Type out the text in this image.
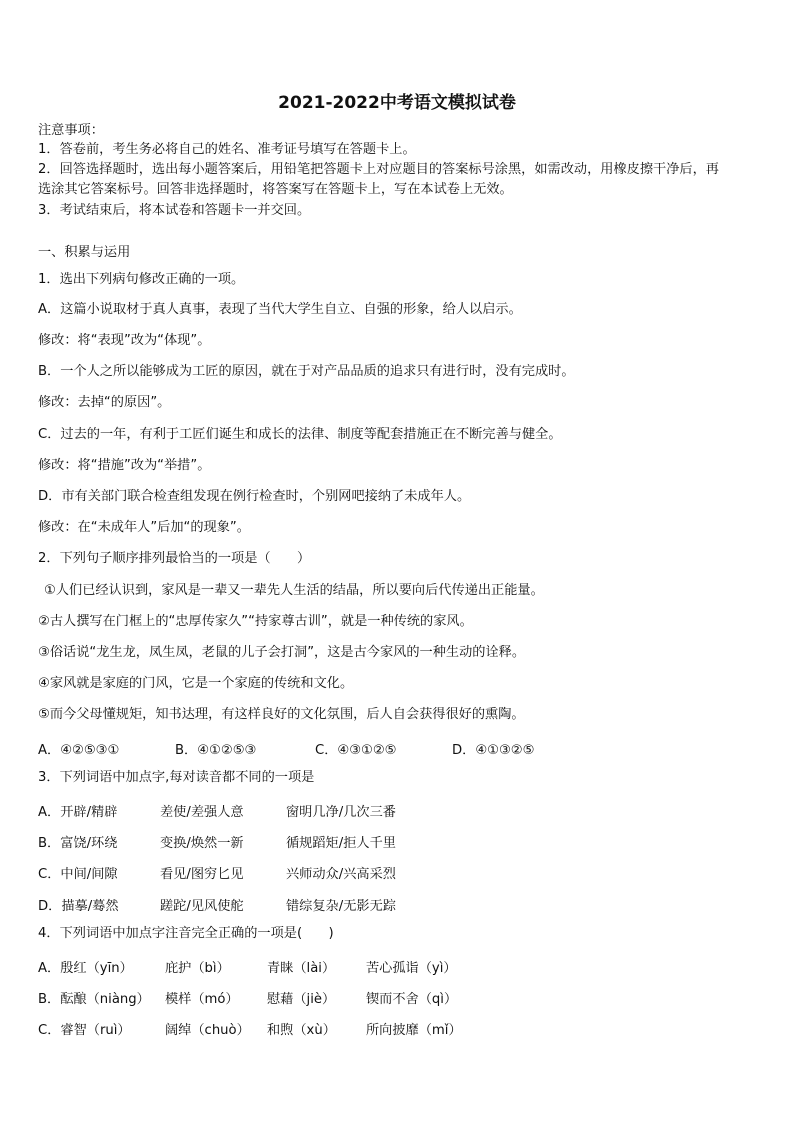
2021-2022中考语文模拟试卷
注意事项：
1．答卷前，考生务必将自己的姓名、准考证号填写在答题卡上。
2．回答选择题时，选出每小题答案后，用铅笔把答题卡上对应题目的答案标号涂黑，如需改动，用橡皮擦干净后，再
选涂其它答案标号。回答非选择题时，将答案写在答题卡上，写在本试卷上无效。
3．考试结束后，将本试卷和答题卡一并交回。
一、积累与运用
1．选出下列病句修改正确的一项。
A．这篇小说取材于真人真事，表现了当代大学生自立、自强的形象，给人以启示。
修改：将“表现”改为“体现”。
B．一个人之所以能够成为工匠的原因，就在于对产品品质的追求只有进行时，没有完成时。
修改：去掉“的原因”。
C．过去的一年，有利于工匠们诞生和成长的法律、制度等配套措施正在不断完善与健全。
修改：将“措施”改为“举措”。
D．市有关部门联合检查组发现在例行检查时，个别网吧接纳了未成年人。
修改：在“未成年人”后加“的现象”。
2．下列句子顺序排列最恰当的一项是（　　）
①人们已经认识到，家风是一辈又一辈先人生活的结晶，所以要向后代传递出正能量。
②古人撰写在门框上的“忠厚传家久”“持家尊古训”，就是一种传统的家风。
③俗话说“龙生龙，凤生凤，老鼠的儿子会打洞”，这是古今家风的一种生动的诠释。
④家风就是家庭的门风，它是一个家庭的传统和文化。
⑤而今父母懂规矩，知书达理，有这样良好的文化氛围，后人自会获得很好的熏陶。
A．④②⑤③①	B．④①②⑤③	C．④③①②⑤	D．④①③②⑤
3．下列词语中加点字,每对读音都不同的一项是
A．开辟/精辟	差使/差强人意	窗明几净/几次三番
B．富饶/环绕	变换/焕然一新	循规蹈矩/拒人千里
C．中间/间隙	看见/图穷匕见	兴师动众/兴高采烈
D．描摹/蓦然	蹉跎/见风使舵	错综复杂/无影无踪
4．下列词语中加点字注音完全正确的一项是(　　)
A．殷红（yīn） 庇护（bì）	青睐（lài） 苦心孤诣（yì）
B．酝酿（niàng） 模样（mó） 慰藉（jiè） 锲而不舍（qì）
C．睿智（ruì）	阔绰（chuò） 和煦（xù） 所向披靡（mǐ）
